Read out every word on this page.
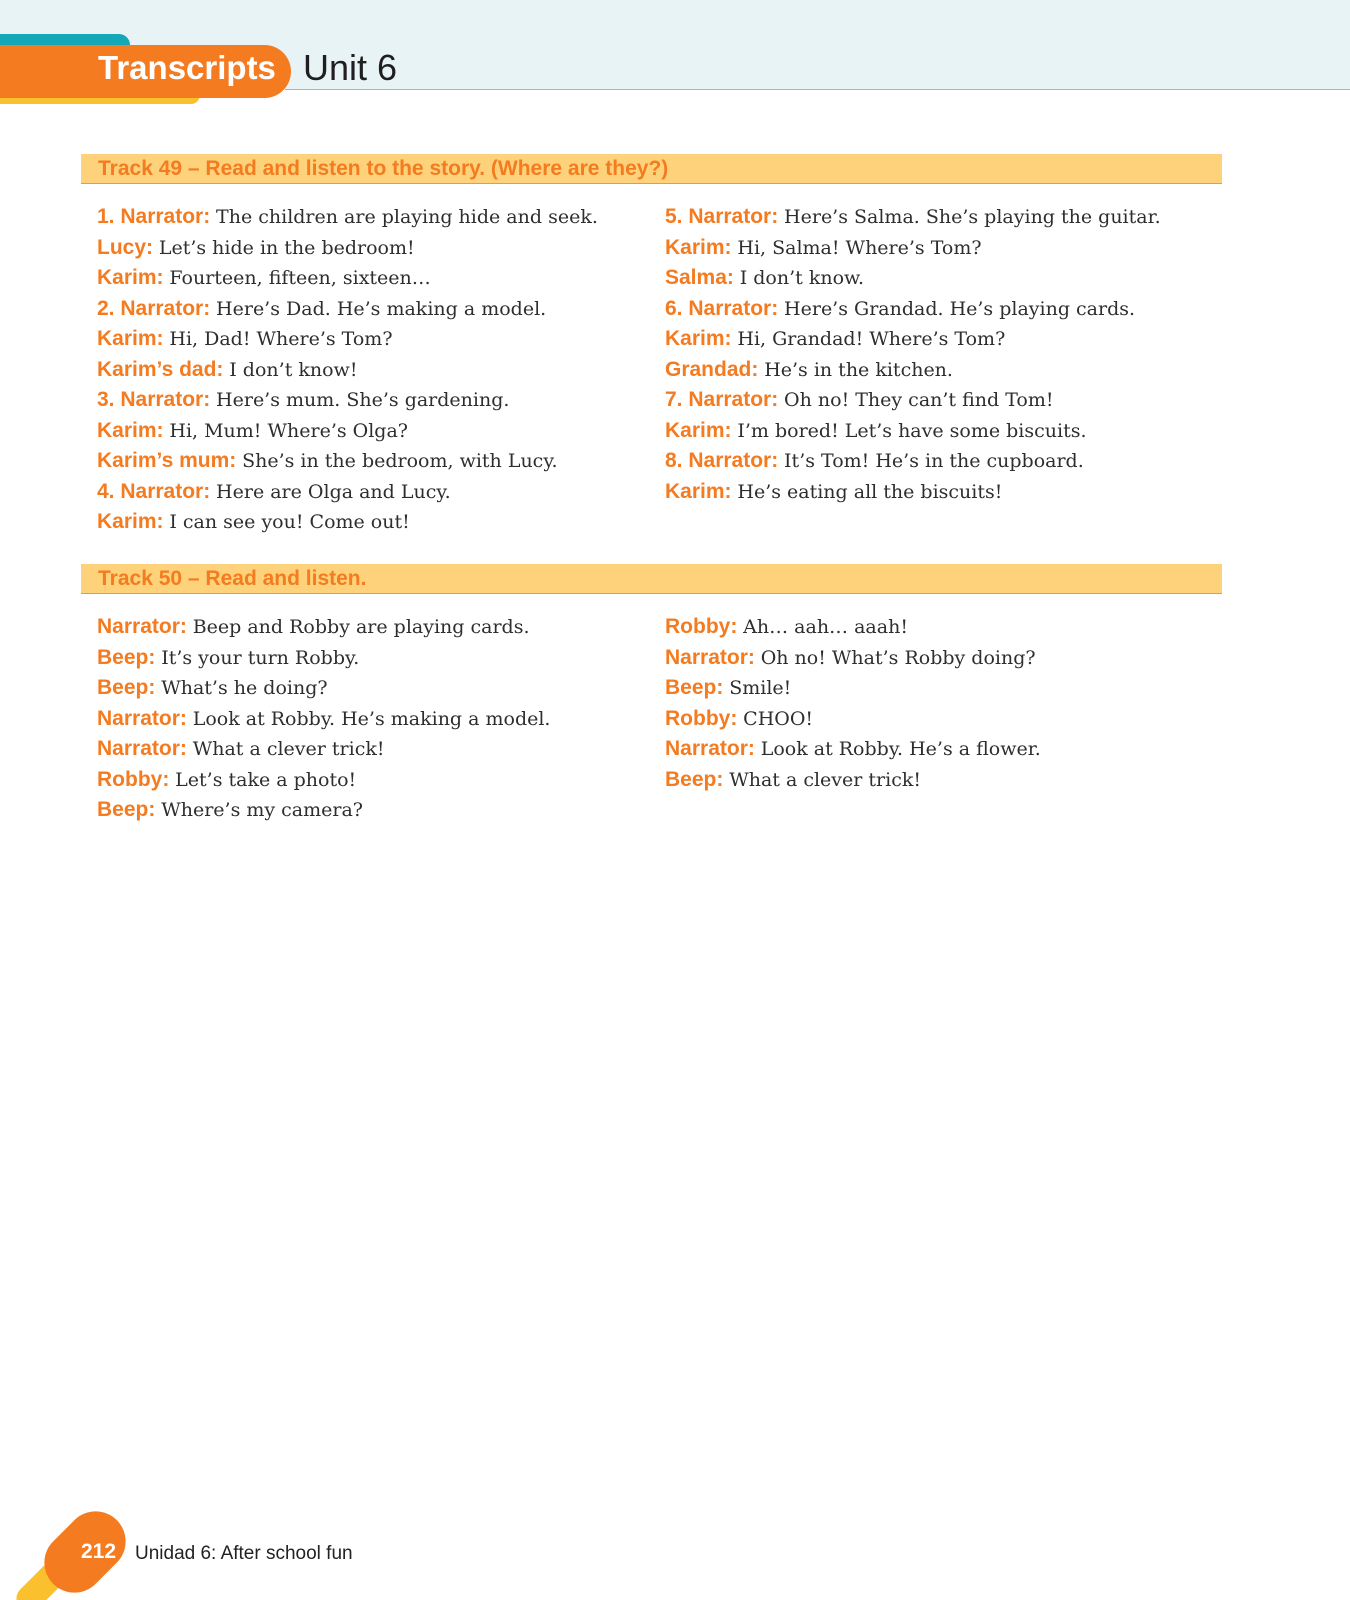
Transcripts Unit 6
Track 49 – Read and listen to the story. (Where are they?)
1. Narrator: The children are playing hide and seek.
Lucy: Let’s hide in the bedroom!
Karim: Fourteen, fifteen, sixteen…
2. Narrator: Here’s Dad. He’s making a model.
Karim: Hi, Dad! Where’s Tom?
Karim’s dad: I don’t know!
3. Narrator: Here’s mum. She’s gardening.
Karim: Hi, Mum! Where’s Olga?
Karim’s mum: She’s in the bedroom, with Lucy.
4. Narrator: Here are Olga and Lucy.
Karim: I can see you! Come out!
5. Narrator: Here’s Salma. She’s playing the guitar.
Karim: Hi, Salma! Where’s Tom?
Salma: I don’t know.
6. Narrator: Here’s Grandad. He’s playing cards.
Karim: Hi, Grandad! Where’s Tom?
Grandad: He’s in the kitchen.
7. Narrator: Oh no! They can’t find Tom!
Karim: I’m bored! Let’s have some biscuits.
8. Narrator: It’s Tom! He’s in the cupboard.
Karim: He’s eating all the biscuits!
Track 50 – Read and listen.
Narrator: Beep and Robby are playing cards.
Beep: It’s your turn Robby.
Beep: What’s he doing?
Narrator: Look at Robby. He’s making a model.
Narrator: What a clever trick!
Robby: Let’s take a photo!
Beep: Where’s my camera?
Robby: Ah… aah… aaah!
Narrator: Oh no! What’s Robby doing?
Beep: Smile!
Robby: CHOO!
Narrator: Look at Robby. He’s a flower.
Beep: What a clever trick!
212 Unidad 6: After school fun
